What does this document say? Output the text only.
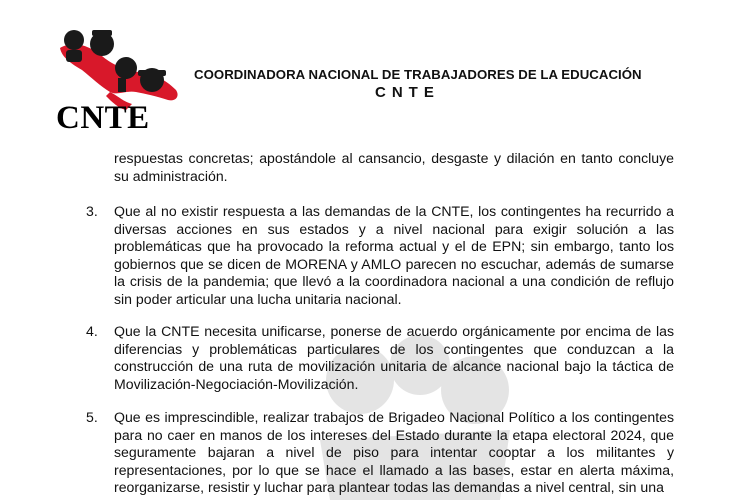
CNTE
COORDINADORA NACIONAL DE TRABAJADORES DE LA EDUCACIÓN
CNTE

respuestas concretas; apostándole al cansancio, desgaste y dilación en tanto concluye su administración.

3. Que al no existir respuesta a las demandas de la CNTE, los contingentes ha recurrido a diversas acciones en sus estados y a nivel nacional para exigir solución a las problemáticas que ha provocado la reforma actual y el de EPN; sin embargo, tanto los gobiernos que se dicen de MORENA y AMLO parecen no escuchar, además de sumarse la crisis de la pandemia; que llevó a la coordinadora nacional a una condición de reflujo sin poder articular una lucha unitaria nacional.

4. Que la CNTE necesita unificarse, ponerse de acuerdo orgánicamente por encima de las diferencias y problemáticas particulares de los contingentes que conduzcan a la construcción de una ruta de movilización unitaria de alcance nacional bajo la táctica de Movilización-Negociación-Movilización.

5. Que es imprescindible, realizar trabajos de Brigadeo Nacional Político a los contingentes para no caer en manos de los intereses del Estado durante la etapa electoral 2024, que seguramente bajaran a nivel de piso para intentar cooptar a los militantes y representaciones, por lo que se hace el llamado a las bases, estar en alerta máxima, reorganizarse, resistir y luchar para plantear todas las demandas a nivel central, sin una
